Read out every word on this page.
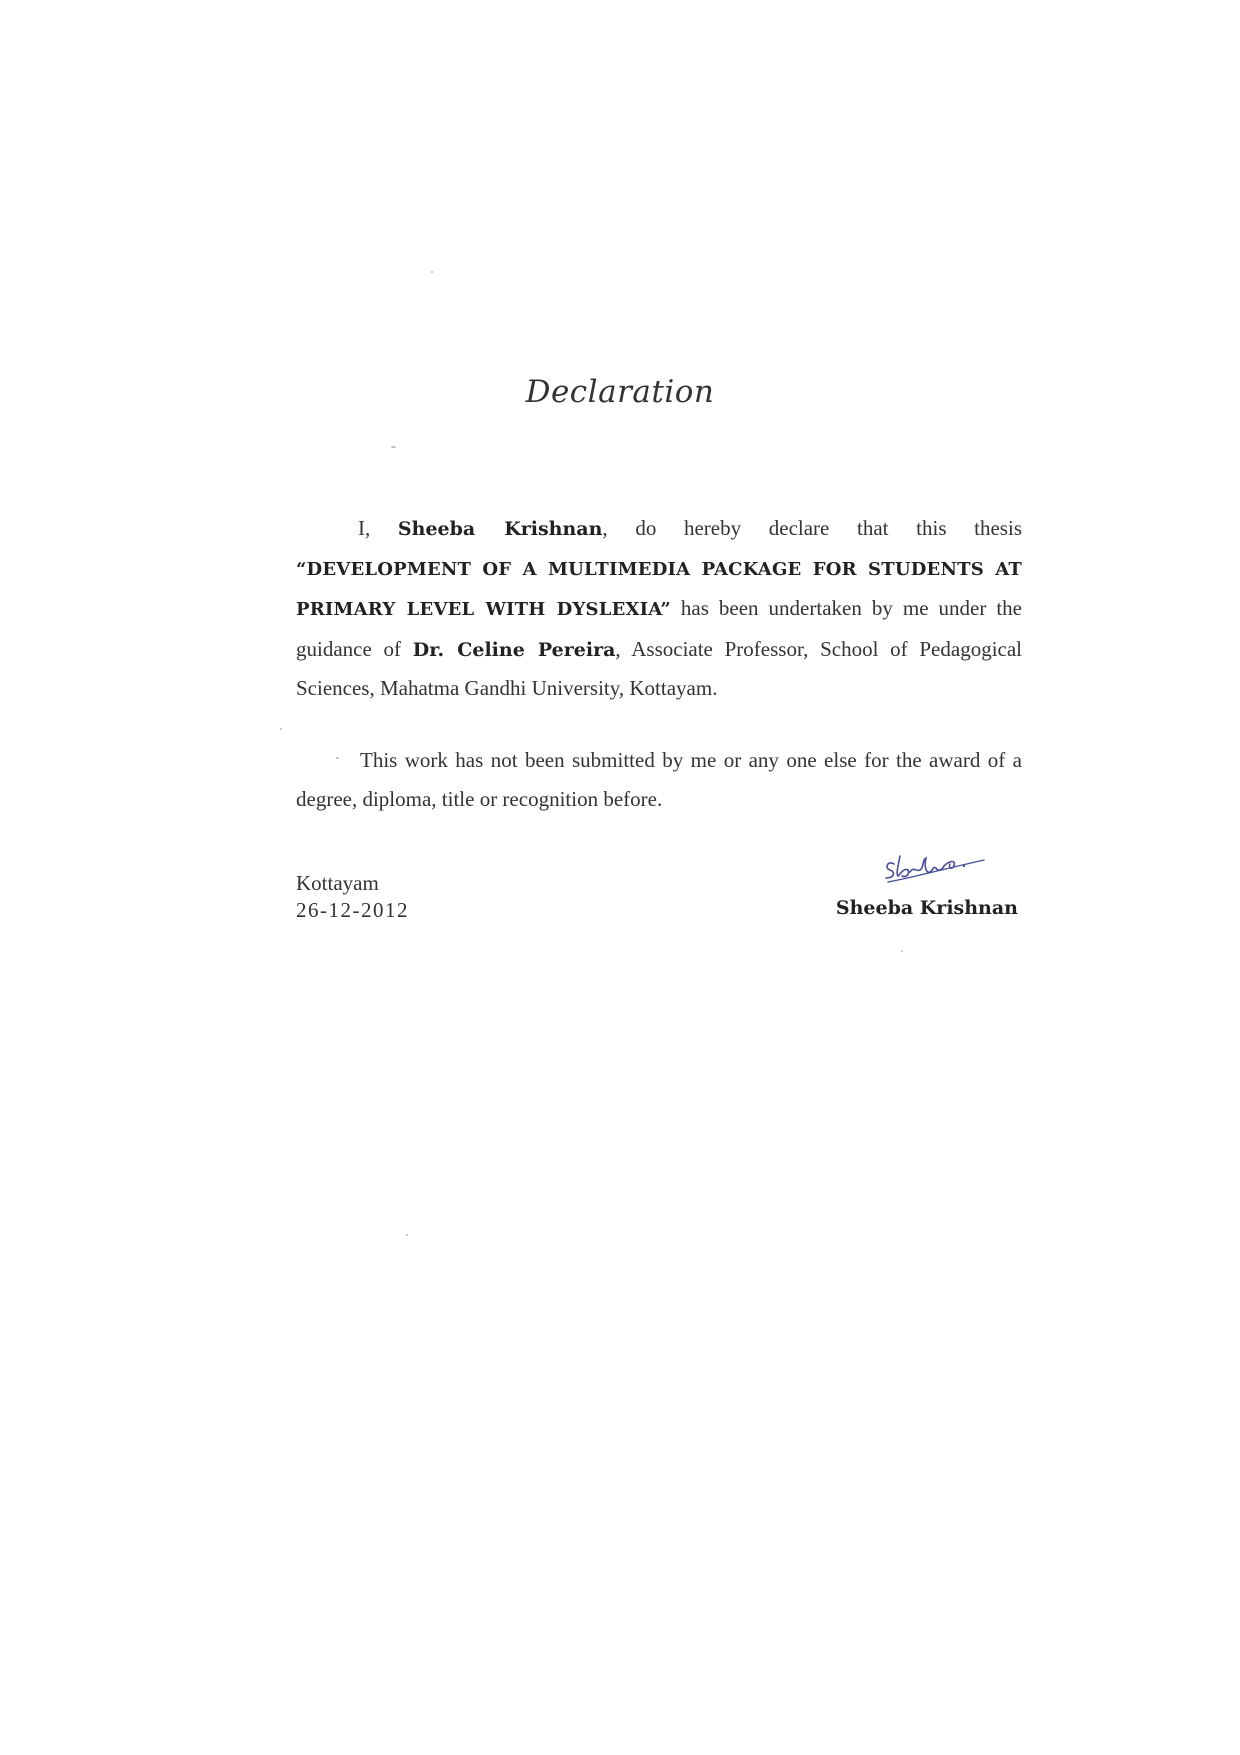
Declaration
I, Sheeba Krishnan, do hereby declare that this thesis “DEVELOPMENT OF A MULTIMEDIA PACKAGE FOR STUDENTS AT PRIMARY LEVEL WITH DYSLEXIA” has been undertaken by me under the guidance of Dr. Celine Pereira, Associate Professor, School of Pedagogical Sciences, Mahatma Gandhi University, Kottayam.
This work has not been submitted by me or any one else for the award of a degree, diploma, title or recognition before.
Kottayam
26-12-2012	Sheeba Krishnan
